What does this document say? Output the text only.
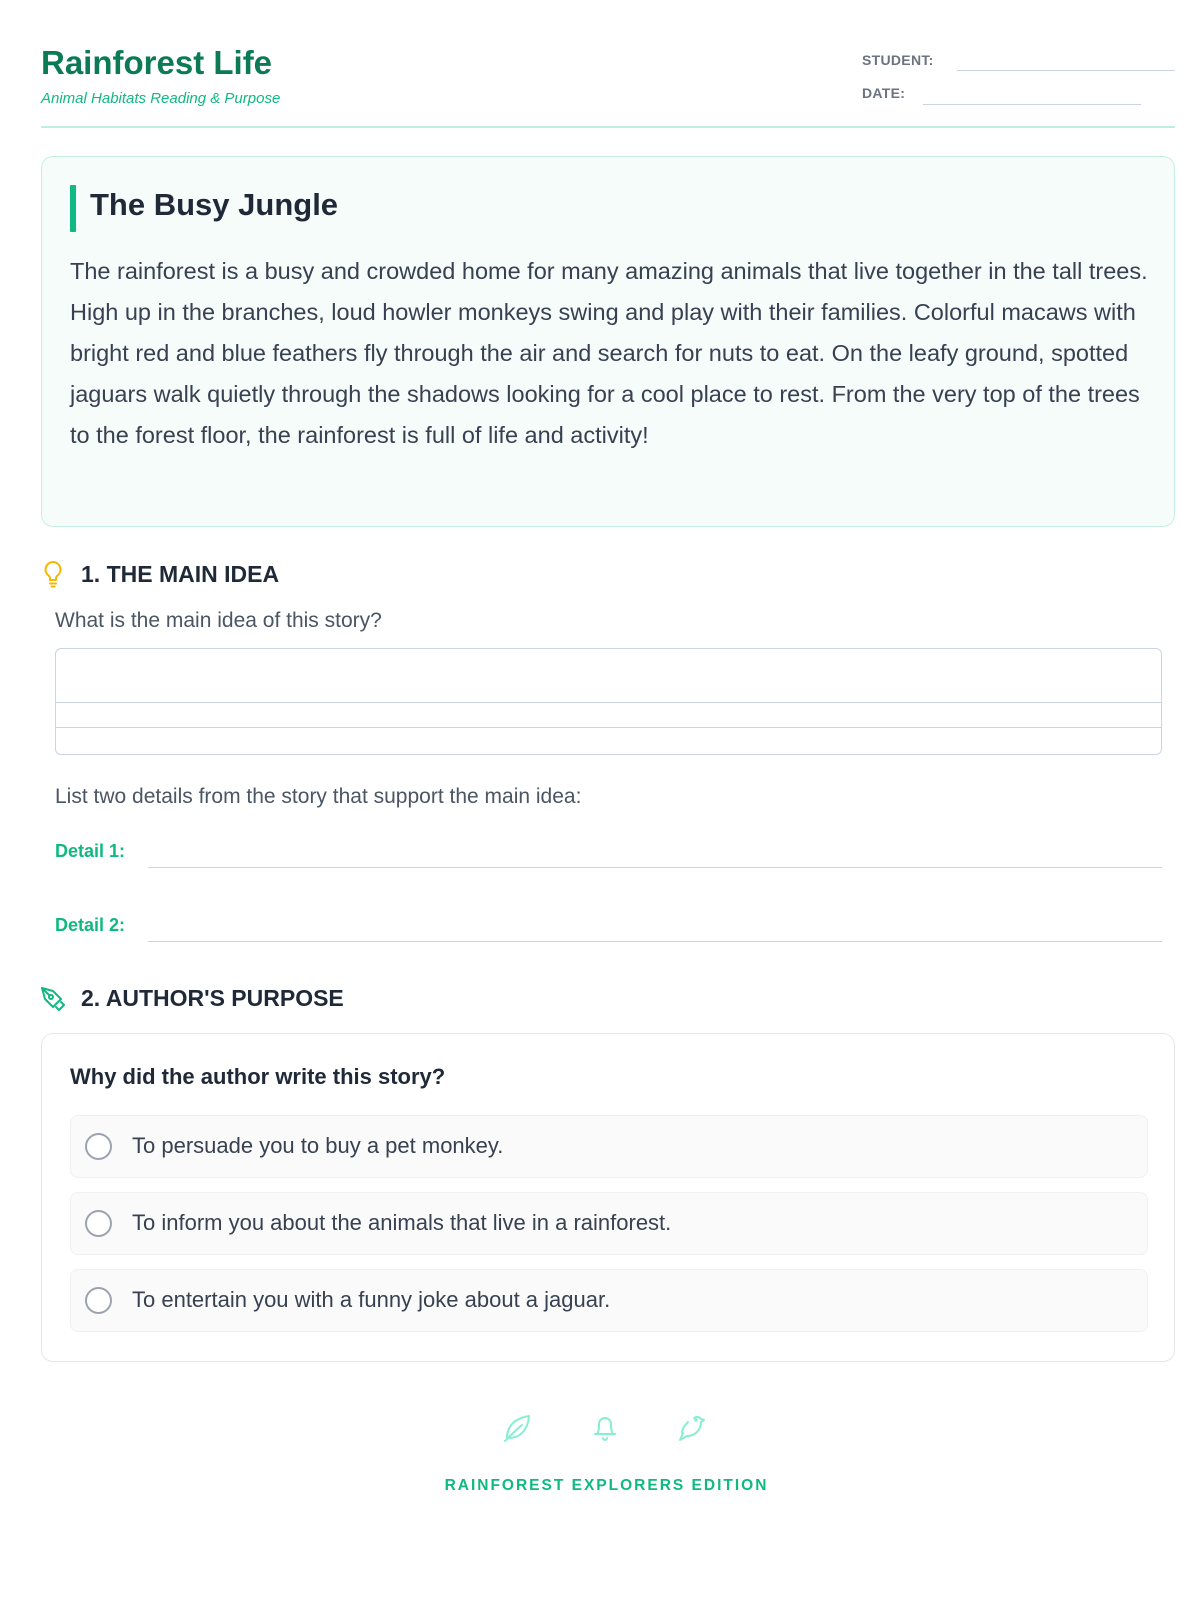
Rainforest Life
Animal Habitats Reading & Purpose
STUDENT:
DATE:
The Busy Jungle
The rainforest is a busy and crowded home for many amazing animals that live together in the tall trees. High up in the branches, loud howler monkeys swing and play with their families. Colorful macaws with bright red and blue feathers fly through the air and search for nuts to eat. On the leafy ground, spotted jaguars walk quietly through the shadows looking for a cool place to rest. From the very top of the trees to the forest floor, the rainforest is full of life and activity!
1. THE MAIN IDEA
What is the main idea of this story?
List two details from the story that support the main idea:
Detail 1:
Detail 2:
2. AUTHOR'S PURPOSE
Why did the author write this story?
To persuade you to buy a pet monkey.
To inform you about the animals that live in a rainforest.
To entertain you with a funny joke about a jaguar.
RAINFOREST EXPLORERS EDITION
